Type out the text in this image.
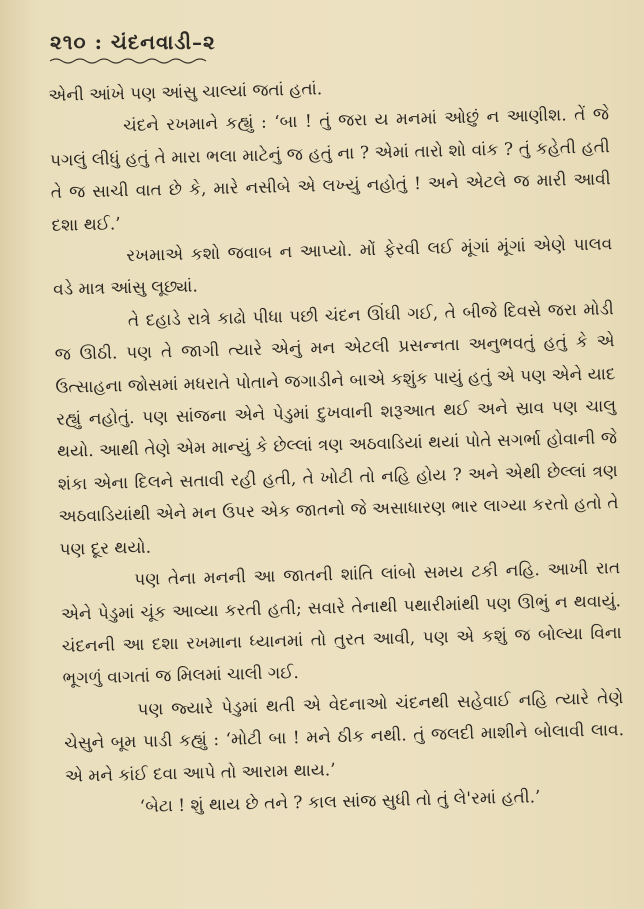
૨૧૦ : ચંદનવાડી–૨

એની આંખે પણ આંસુ ચાલ્યાં જતાં હતાં.

ચંદને રખમાને કહ્યું : ‘બા ! તું જરા ય મનમાં ઓછું ન આણીશ. તેં જે પગલું લીધું હતું તે મારા ભલા માટેનું જ હતું ના ? એમાં તારો શો વાંક ? તું કહેતી હતી તે જ સાચી વાત છે કે, મારે નસીબે એ લખ્યું નહોતું ! અને એટલે જ મારી આવી દશા થઈ.’

રખમાએ કશો જવાબ ન આપ્યો. મોં ફેરવી લઈ મૂંગાં મૂંગાં એણે પાલવ વડે માત્ર આંસુ લૂછ્યાં.

તે દહાડે રાત્રે કાઢો પીધા પછી ચંદન ઊંઘી ગઈ, તે બીજે દિવસે જરા મોડી જ ઊઠી. પણ તે જાગી ત્યારે એનું મન એટલી પ્રસન્નતા અનુભવતું હતું કે એ ઉત્સાહના જોસમાં મધરાતે પોતાને જગાડીને બાએ કશુંક પાયું હતું એ પણ એને યાદ રહ્યું નહોતું. પણ સાંજના એને પેડુમાં દુખવાની શરૂઆત થઈ અને સ્રાવ પણ ચાલુ થયો. આથી તેણે એમ માન્યું કે છેલ્લાં ત્રણ અઠવાડિયાં થયાં પોતે સગર્ભા હોવાની જે શંકા એના દિલને સતાવી રહી હતી, તે ખોટી તો નહિ હોય ? અને એથી છેલ્લાં ત્રણ અઠવાડિયાંથી એને મન ઉપર એક જાતનો જે અસાધારણ ભાર લાગ્યા કરતો હતો તે પણ દૂર થયો.

પણ તેના મનની આ જાતની શાંતિ લાંબો સમય ટકી નહિ. આખી રાત એને પેડુમાં ચૂંક આવ્યા કરતી હતી; સવારે તેનાથી પથારીમાંથી પણ ઊભું ન થવાયું. ચંદનની આ દશા રખમાના ધ્યાનમાં તો તુરત આવી, પણ એ કશું જ બોલ્યા વિના ભૂગળું વાગતાં જ મિલમાં ચાલી ગઈ.

પણ જ્યારે પેડુમાં થતી એ વેદનાઓ ચંદનથી સહેવાઈ નહિ ત્યારે તેણે ચેસુને બૂમ પાડી કહ્યું : ‘મોટી બા ! મને ઠીક નથી. તું જલદી માશીને બોલાવી લાવ. એ મને કાંઈ દવા આપે તો આરામ થાય.’

‘બેટા ! શું થાય છે તને ? કાલ સાંજ સુધી તો તું લે'રમાં હતી.’
